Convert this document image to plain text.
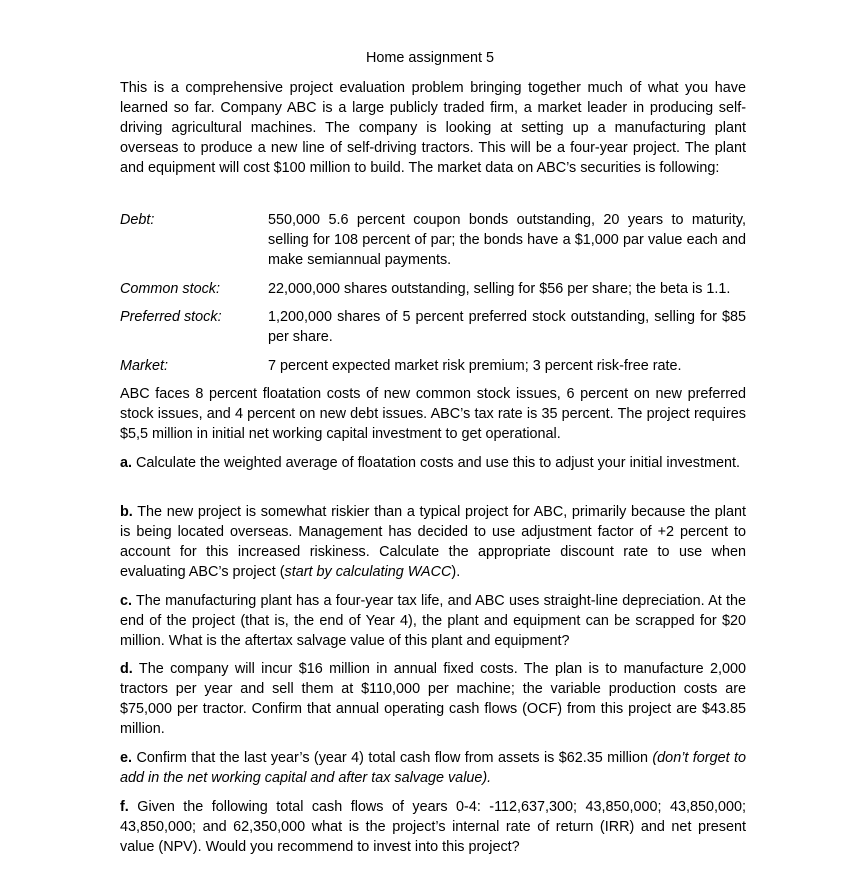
Home assignment 5
This is a comprehensive project evaluation problem bringing together much of what you have learned so far. Company ABC is a large publicly traded firm, a market leader in producing self-driving agricultural machines. The company is looking at setting up a manufacturing plant overseas to produce a new line of self-driving tractors. This will be a four-year project. The plant and equipment will cost $100 million to build. The market data on ABC’s securities is following:
Debt:	550,000 5.6 percent coupon bonds outstanding, 20 years to maturity, selling for 108 percent of par; the bonds have a $1,000 par value each and make semiannual payments.
Common stock:	22,000,000 shares outstanding, selling for $56 per share; the beta is 1.1.
Preferred stock:	1,200,000 shares of 5 percent preferred stock outstanding, selling for $85 per share.
Market:	7 percent expected market risk premium; 3 percent risk-free rate.
ABC faces 8 percent floatation costs of new common stock issues, 6 percent on new preferred stock issues, and 4 percent on new debt issues. ABC’s tax rate is 35 percent. The project requires $5,5 million in initial net working capital investment to get operational.
a. Calculate the weighted average of floatation costs and use this to adjust your initial investment.
b. The new project is somewhat riskier than a typical project for ABC, primarily because the plant is being located overseas. Management has decided to use adjustment factor of +2 percent to account for this increased riskiness. Calculate the appropriate discount rate to use when evaluating ABC’s project (start by calculating WACC).
c. The manufacturing plant has a four-year tax life, and ABC uses straight-line depreciation. At the end of the project (that is, the end of Year 4), the plant and equipment can be scrapped for $20 million. What is the aftertax salvage value of this plant and equipment?
d. The company will incur $16 million in annual fixed costs. The plan is to manufacture 2,000 tractors per year and sell them at $110,000 per machine; the variable production costs are $75,000 per tractor. Confirm that annual operating cash flows (OCF) from this project are $43.85 million.
e. Confirm that the last year’s (year 4) total cash flow from assets is $62.35 million (don’t forget to add in the net working capital and after tax salvage value).
f. Given the following total cash flows of years 0-4: -112,637,300; 43,850,000; 43,850,000; 43,850,000; and 62,350,000 what is the project’s internal rate of return (IRR) and net present value (NPV). Would you recommend to invest into this project?
